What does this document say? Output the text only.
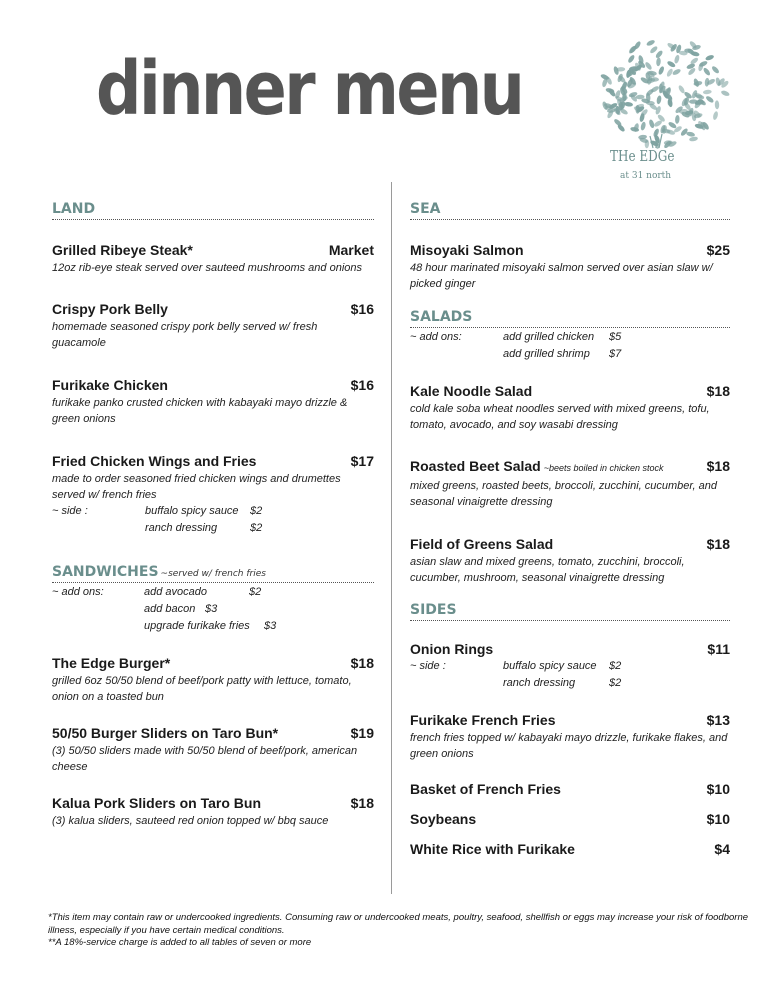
dinner menu
THe EDGe
at 31 north
LAND
Grilled Ribeye Steak*	Market
12oz rib-eye steak served over sauteed mushrooms and onions
Crispy Pork Belly	$16
homemade seasoned crispy pork belly served w/ fresh guacamole
Furikake Chicken	$16
furikake panko crusted chicken with kabayaki mayo drizzle & green onions
Fried Chicken Wings and Fries	$17
made to order seasoned fried chicken wings and drumettes served w/ french fries
~ side :	buffalo spicy sauce	$2
ranch dressing	$2
SANDWICHES ~served w/ french fries
~ add ons:	add avocado	$2
add bacon $3
upgrade furikake fries	$3
The Edge Burger*	$18
grilled 6oz 50/50 blend of beef/pork patty with lettuce, tomato, onion on a toasted bun
50/50 Burger Sliders on Taro Bun*	$19
(3) 50/50 sliders made with 50/50 blend of beef/pork, american cheese
Kalua Pork Sliders on Taro Bun	$18
(3) kalua sliders, sauteed red onion topped w/ bbq sauce
SEA
Misoyaki Salmon	$25
48 hour marinated misoyaki salmon served over asian slaw w/ picked ginger
SALADS
~ add ons:	add grilled chicken	$5
add grilled shrimp	$7
Kale Noodle Salad	$18
cold kale soba wheat noodles served with mixed greens, tofu, tomato, avocado, and soy wasabi dressing
Roasted Beet Salad ~beets boiled in chicken stock	$18
mixed greens, roasted beets, broccoli, zucchini, cucumber, and seasonal vinaigrette dressing
Field of Greens Salad	$18
asian slaw and mixed greens, tomato, zucchini, broccoli, cucumber, mushroom, seasonal vinaigrette dressing
SIDES
Onion Rings	$11
~ side :	buffalo spicy sauce	$2
ranch dressing	$2
Furikake French Fries	$13
french fries topped w/ kabayaki mayo drizzle, furikake flakes, and green onions
Basket of French Fries	$10
Soybeans	$10
White Rice with Furikake	$4
*This item may contain raw or undercooked ingredients. Consuming raw or undercooked meats, poultry, seafood, shellfish or eggs may increase your risk of foodborne illness, especially if you have certain medical conditions.
**A 18%-service charge is added to all tables of seven or more
